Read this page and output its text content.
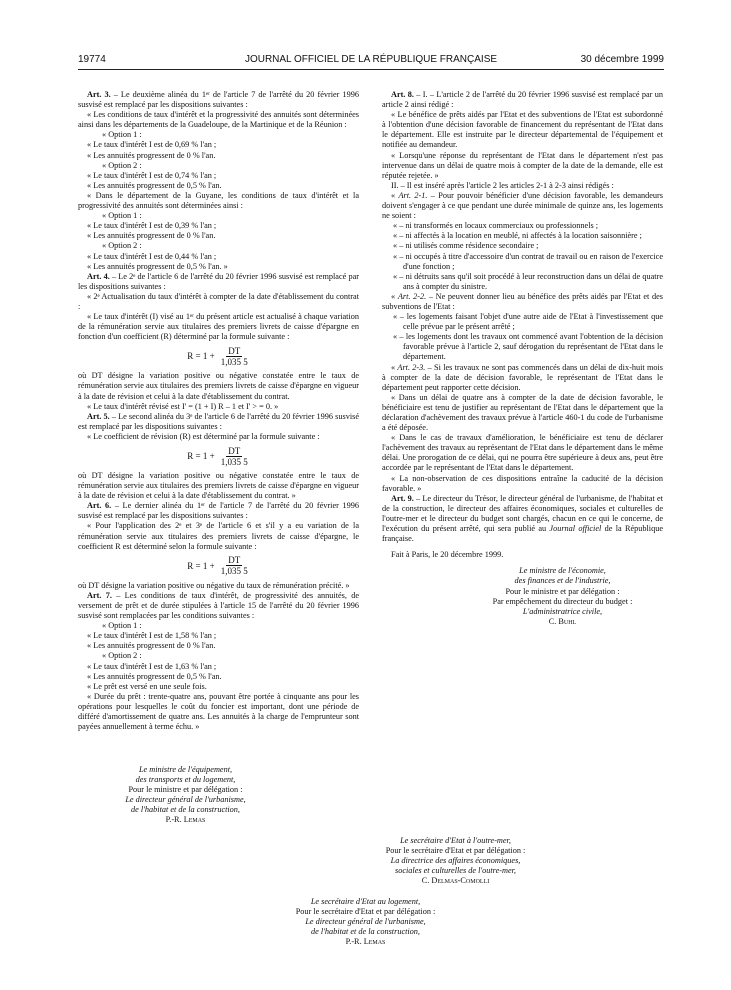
19774	JOURNAL OFFICIEL DE LA RÉPUBLIQUE FRANÇAISE	30 décembre 1999

Art. 3. – Le deuxième alinéa du 1ᵉʳ de l'article 7 de l'arrêté du 20 février 1996 susvisé est remplacé par les dispositions suivantes :

« Les conditions de taux d'intérêt et la progressivité des annuités sont déterminées ainsi dans les départements de la Guadeloupe, de la Martinique et de la Réunion :

« Option 1 :

« Le taux d'intérêt I est de 0,69 % l'an ;

« Les annuités progressent de 0 % l'an.

« Option 2 :

« Le taux d'intérêt I est de 0,74 % l'an ;

« Les annuités progressent de 0,5 % l'an.

« Dans le département de la Guyane, les conditions de taux d'intérêt et la progressivité des annuités sont déterminées ainsi :

« Option 1 :

« Le taux d'intérêt I est de 0,39 % l'an ;

« Les annuités progressent de 0 % l'an.

« Option 2 :

« Le taux d'intérêt I est de 0,44 % l'an ;

« Les annuités progressent de 0,5 % l'an. »

Art. 4. – Le 2ᵉ de l'article 6 de l'arrêté du 20 février 1996 susvisé est remplacé par les dispositions suivantes :

« 2ᵉ Actualisation du taux d'intérêt à compter de la date d'établissement du contrat :

« Le taux d'intérêt (I) visé au 1ᵉʳ du présent article est actualisé à chaque variation de la rémunération servie aux titulaires des premiers livrets de caisse d'épargne en fonction d'un coefficient (R) déterminé par la formule suivante :

$R = 1 + \frac{DT}{1,035 5}$

où DT désigne la variation positive ou négative constatée entre le taux de rémunération servie aux titulaires des premiers livrets de caisse d'épargne en vigueur à la date de révision et celui à la date d'établissement du contrat.

« Le taux d'intérêt révisé est I' = (1 + I) R – 1 et I' > = 0. »

Art. 5. – Le second alinéa du 3ᵉ de l'article 6 de l'arrêté du 20 février 1996 susvisé est remplacé par les dispositions suivantes :

« Le coefficient de révision (R) est déterminé par la formule suivante :

$R = 1 + \frac{DT}{1,035 5}$

où DT désigne la variation positive ou négative constatée entre le taux de rémunération servie aux titulaires des premiers livrets de caisse d'épargne en vigueur à la date de révision et celui à la date d'établissement du contrat. »

Art. 6. – Le dernier alinéa du 1ᵉʳ de l'article 7 de l'arrêté du 20 février 1996 susvisé est remplacé par les dispositions suivantes :

« Pour l'application des 2ᵉ et 3ᵉ de l'article 6 et s'il y a eu variation de la rémunération servie aux titulaires des premiers livrets de caisse d'épargne, le coefficient R est déterminé selon la formule suivante :

$R = 1 + \frac{DT}{1,035 5}$

où DT désigne la variation positive ou négative du taux de rémunération précité. »

Art. 7. – Les conditions de taux d'intérêt, de progressivité des annuités, de versement de prêt et de durée stipulées à l'article 15 de l'arrêté du 20 février 1996 susvisé sont remplacées par les conditions suivantes :

« Option 1 :

« Le taux d'intérêt I est de 1,58 % l'an ;

« Les annuités progressent de 0 % l'an.

« Option 2 :

« Le taux d'intérêt I est de 1,63 % l'an ;

« Les annuités progressent de 0,5 % l'an.

« Le prêt est versé en une seule fois.

« Durée du prêt : trente-quatre ans, pouvant être portée à cinquante ans pour les opérations pour lesquelles le coût du foncier est important, dont une période de différé d'amortissement de quatre ans. Les annuités à la charge de l'emprunteur sont payées annuellement à terme échu. »

Art. 8. – I. – L'article 2 de l'arrêté du 20 février 1996 susvisé est remplacé par un article 2 ainsi rédigé :

« Le bénéfice de prêts aidés par l'Etat et des subventions de l'Etat est subordonné à l'obtention d'une décision favorable de financement du représentant de l'Etat dans le département. Elle est instruite par le directeur départemental de l'équipement et notifiée au demandeur.

« Lorsqu'une réponse du représentant de l'Etat dans le département n'est pas intervenue dans un délai de quatre mois à compter de la date de la demande, elle est réputée rejetée. »

II. – Il est inséré après l'article 2 les articles 2-1 à 2-3 ainsi rédigés :

« Art. 2-1. – Pour pouvoir bénéficier d'une décision favorable, les demandeurs doivent s'engager à ce que pendant une durée minimale de quinze ans, les logements ne soient :

« – ni transformés en locaux commerciaux ou professionnels ;

« – ni affectés à la location en meublé, ni affectés à la location saisonnière ;

« – ni utilisés comme résidence secondaire ;

« – ni occupés à titre d'accessoire d'un contrat de travail ou en raison de l'exercice d'une fonction ;

« – ni détruits sans qu'il soit procédé à leur reconstruction dans un délai de quatre ans à compter du sinistre.

« Art. 2-2. – Ne peuvent donner lieu au bénéfice des prêts aidés par l'Etat et des subventions de l'Etat :

« – les logements faisant l'objet d'une autre aide de l'Etat à l'investissement que celle prévue par le présent arrêté ;

« – les logements dont les travaux ont commencé avant l'obtention de la décision favorable prévue à l'article 2, sauf dérogation du représentant de l'Etat dans le département.

« Art. 2-3. – Si les travaux ne sont pas commencés dans un délai de dix-huit mois à compter de la date de décision favorable, le représentant de l'Etat dans le département peut rapporter cette décision.

« Dans un délai de quatre ans à compter de la date de décision favorable, le bénéficiaire est tenu de justifier au représentant de l'Etat dans le département que la déclaration d'achèvement des travaux prévue à l'article 460-1 du code de l'urbanisme a été déposée.

« Dans le cas de travaux d'amélioration, le bénéficiaire est tenu de déclarer l'achèvement des travaux au représentant de l'Etat dans le département dans le même délai. Une prorogation de ce délai, qui ne pourra être supérieure à deux ans, peut être accordée par le représentant de l'Etat dans le département.

« La non-observation de ces dispositions entraîne la caducité de la décision favorable. »

Art. 9. – Le directeur du Trésor, le directeur général de l'urbanisme, de l'habitat et de la construction, le directeur des affaires économiques, sociales et culturelles de l'outre-mer et le directeur du budget sont chargés, chacun en ce qui le concerne, de l'exécution du présent arrêté, qui sera publié au Journal officiel de la République française.

Fait à Paris, le 20 décembre 1999.

Le ministre de l'économie,

des finances et de l'industrie,

Pour le ministre et par délégation :

Par empêchement du directeur du budget :

L'administratrice civile,

C. Buhl

Le ministre de l'équipement,

des transports et du logement,

Pour le ministre et par délégation :

Le directeur général de l'urbanisme,

de l'habitat et de la construction,

P.-R. Lemas

Le secrétaire d'Etat à l'outre-mer,

Pour le secrétaire d'Etat et par délégation :

La directrice des affaires économiques,

sociales et culturelles de l'outre-mer,

C. Delmas-Comolli

Le secrétaire d'Etat au logement,

Pour le secrétaire d'Etat et par délégation :

Le directeur général de l'urbanisme,

de l'habitat et de la construction,

P.-R. Lemas
